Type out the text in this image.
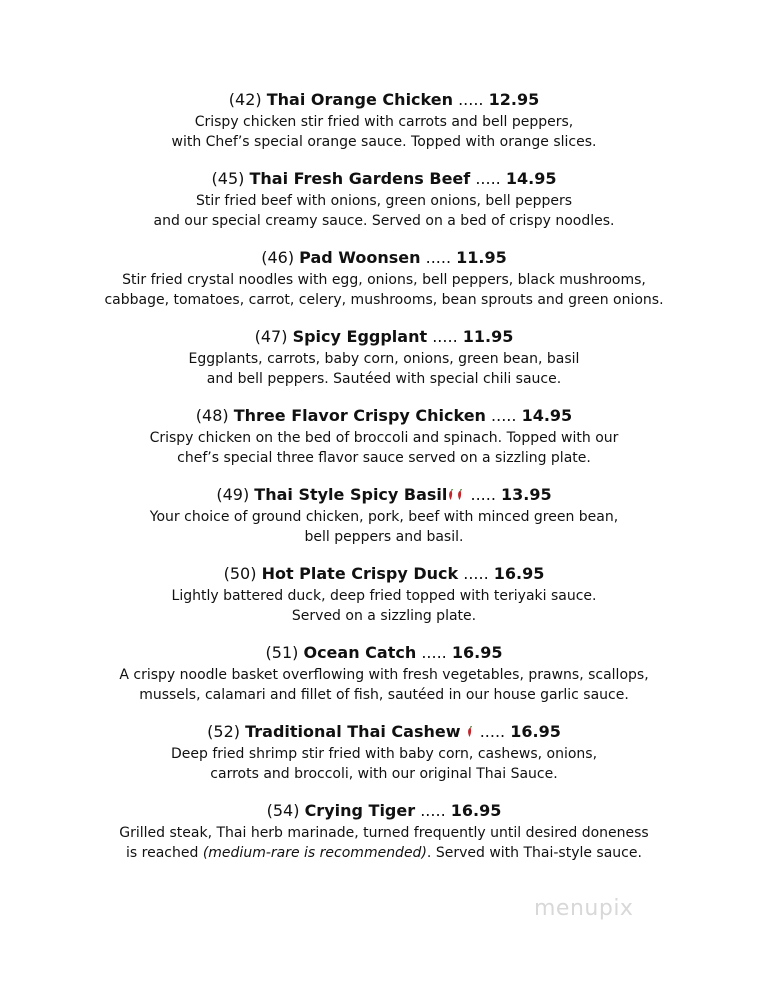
(42) Thai Orange Chicken ..... 12.95
Crispy chicken stir fried with carrots and bell peppers,
with Chef’s special orange sauce. Topped with orange slices.
(45) Thai Fresh Gardens Beef ..... 14.95
Stir fried beef with onions, green onions, bell peppers
and our special creamy sauce. Served on a bed of crispy noodles.
(46) Pad Woonsen ..... 11.95
Stir fried crystal noodles with egg, onions, bell peppers, black mushrooms,
cabbage, tomatoes, carrot, celery, mushrooms, bean sprouts and green onions.
(47) Spicy Eggplant ..... 11.95
Eggplants, carrots, baby corn, onions, green bean, basil
and bell peppers. Sautéed with special chili sauce.
(48) Three Flavor Crispy Chicken ..... 14.95
Crispy chicken on the bed of broccoli and spinach. Topped with our
chef’s special three flavor sauce served on a sizzling plate.
(49) Thai Style Spicy Basil ..... 13.95
Your choice of ground chicken, pork, beef with minced green bean,
bell peppers and basil.
(50) Hot Plate Crispy Duck ..... 16.95
Lightly battered duck, deep fried topped with teriyaki sauce.
Served on a sizzling plate.
(51) Ocean Catch ..... 16.95
A crispy noodle basket overflowing with fresh vegetables, prawns, scallops,
mussels, calamari and fillet of fish, sautéed in our house garlic sauce.
(52) Traditional Thai Cashew ..... 16.95
Deep fried shrimp stir fried with baby corn, cashews, onions,
carrots and broccoli, with our original Thai Sauce.
(54) Crying Tiger ..... 16.95
Grilled steak, Thai herb marinade, turned frequently until desired doneness
is reached (medium-rare is recommended). Served with Thai-style sauce.
menupix
